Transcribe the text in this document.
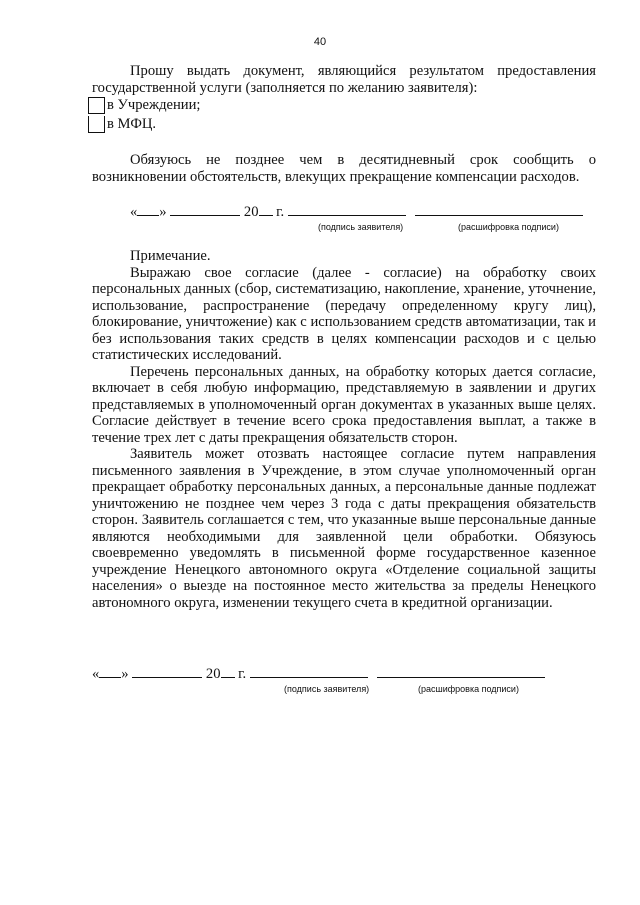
40
Прошу выдать документ, являющийся результатом предоставления государственной услуги (заполняется по желанию заявителя):
в Учреждении;
в МФЦ.
Обязуюсь не позднее чем в десятидневный срок сообщить о возникновении обстоятельств, влекущих прекращение компенсации расходов.
« »	20 г.
(подпись заявителя)	(расшифровка подписи)
Примечание.
Выражаю свое согласие (далее - согласие) на обработку своих персональных данных (сбор, систематизацию, накопление, хранение, уточнение, использование, распространение (передачу определенному кругу лиц), блокирование, уничтожение) как с использованием средств автоматизации, так и без использования таких средств в целях компенсации расходов и с целью статистических исследований.
Перечень персональных данных, на обработку которых дается согласие, включает в себя любую информацию, представляемую в заявлении и других представляемых в уполномоченный орган документах в указанных выше целях. Согласие действует в течение всего срока предоставления выплат, а также в течение трех лет с даты прекращения обязательств сторон.
Заявитель может отозвать настоящее согласие путем направления письменного заявления в Учреждение, в этом случае уполномоченный орган прекращает обработку персональных данных, а персональные данные подлежат уничтожению не позднее чем через 3 года с даты прекращения обязательств сторон. Заявитель соглашается с тем, что указанные выше персональные данные являются необходимыми для заявленной цели обработки. Обязуюсь своевременно уведомлять в письменной форме государственное казенное учреждение Ненецкого автономного округа «Отделение социальной защиты населения» о выезде на постоянное место жительства за пределы Ненецкого автономного округа, изменении текущего счета в кредитной организации.
« »	20 г.
(подпись заявителя)	(расшифровка подписи)
